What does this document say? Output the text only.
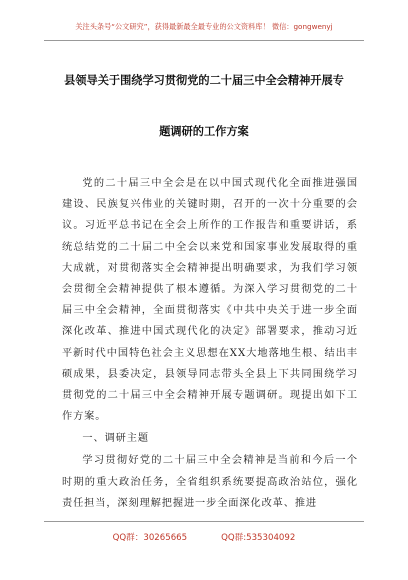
关注头条号“公文研究”，获得最新最全最专业的公文资料库！ 微信：gongwenyj
县领导关于围绕学习贯彻党的二十届三中全会精神开展专
题调研的工作方案

党的二十届三中全会是在以中国式现代化全面推进强国建设、民族复兴伟业的关键时期，召开的一次十分重要的会议。习近平总书记在全会上所作的工作报告和重要讲话，系统总结党的二十届二中全会以来党和国家事业发展取得的重大成就，对贯彻落实全会精神提出明确要求，为我们学习领会贯彻全会精神提供了根本遵循。为深入学习贯彻党的二十届三中全会精神，全面贯彻落实《中共中央关于进一步全面深化改革、推进中国式现代化的决定》部署要求，推动习近平新时代中国特色社会主义思想在XX大地落地生根、结出丰硕成果，县委决定，县领导同志带头全县上下共同围绕学习贯彻党的二十届三中全会精神开展专题调研。现提出如下工作方案。

一、调研主题

学习贯彻好党的二十届三中全会精神是当前和今后一个时期的重大政治任务，全省组织系统要提高政治站位，强化责任担当，深刻理解把握进一步全面深化改革、推进

QQ群：30265665	QQ群:535304092
